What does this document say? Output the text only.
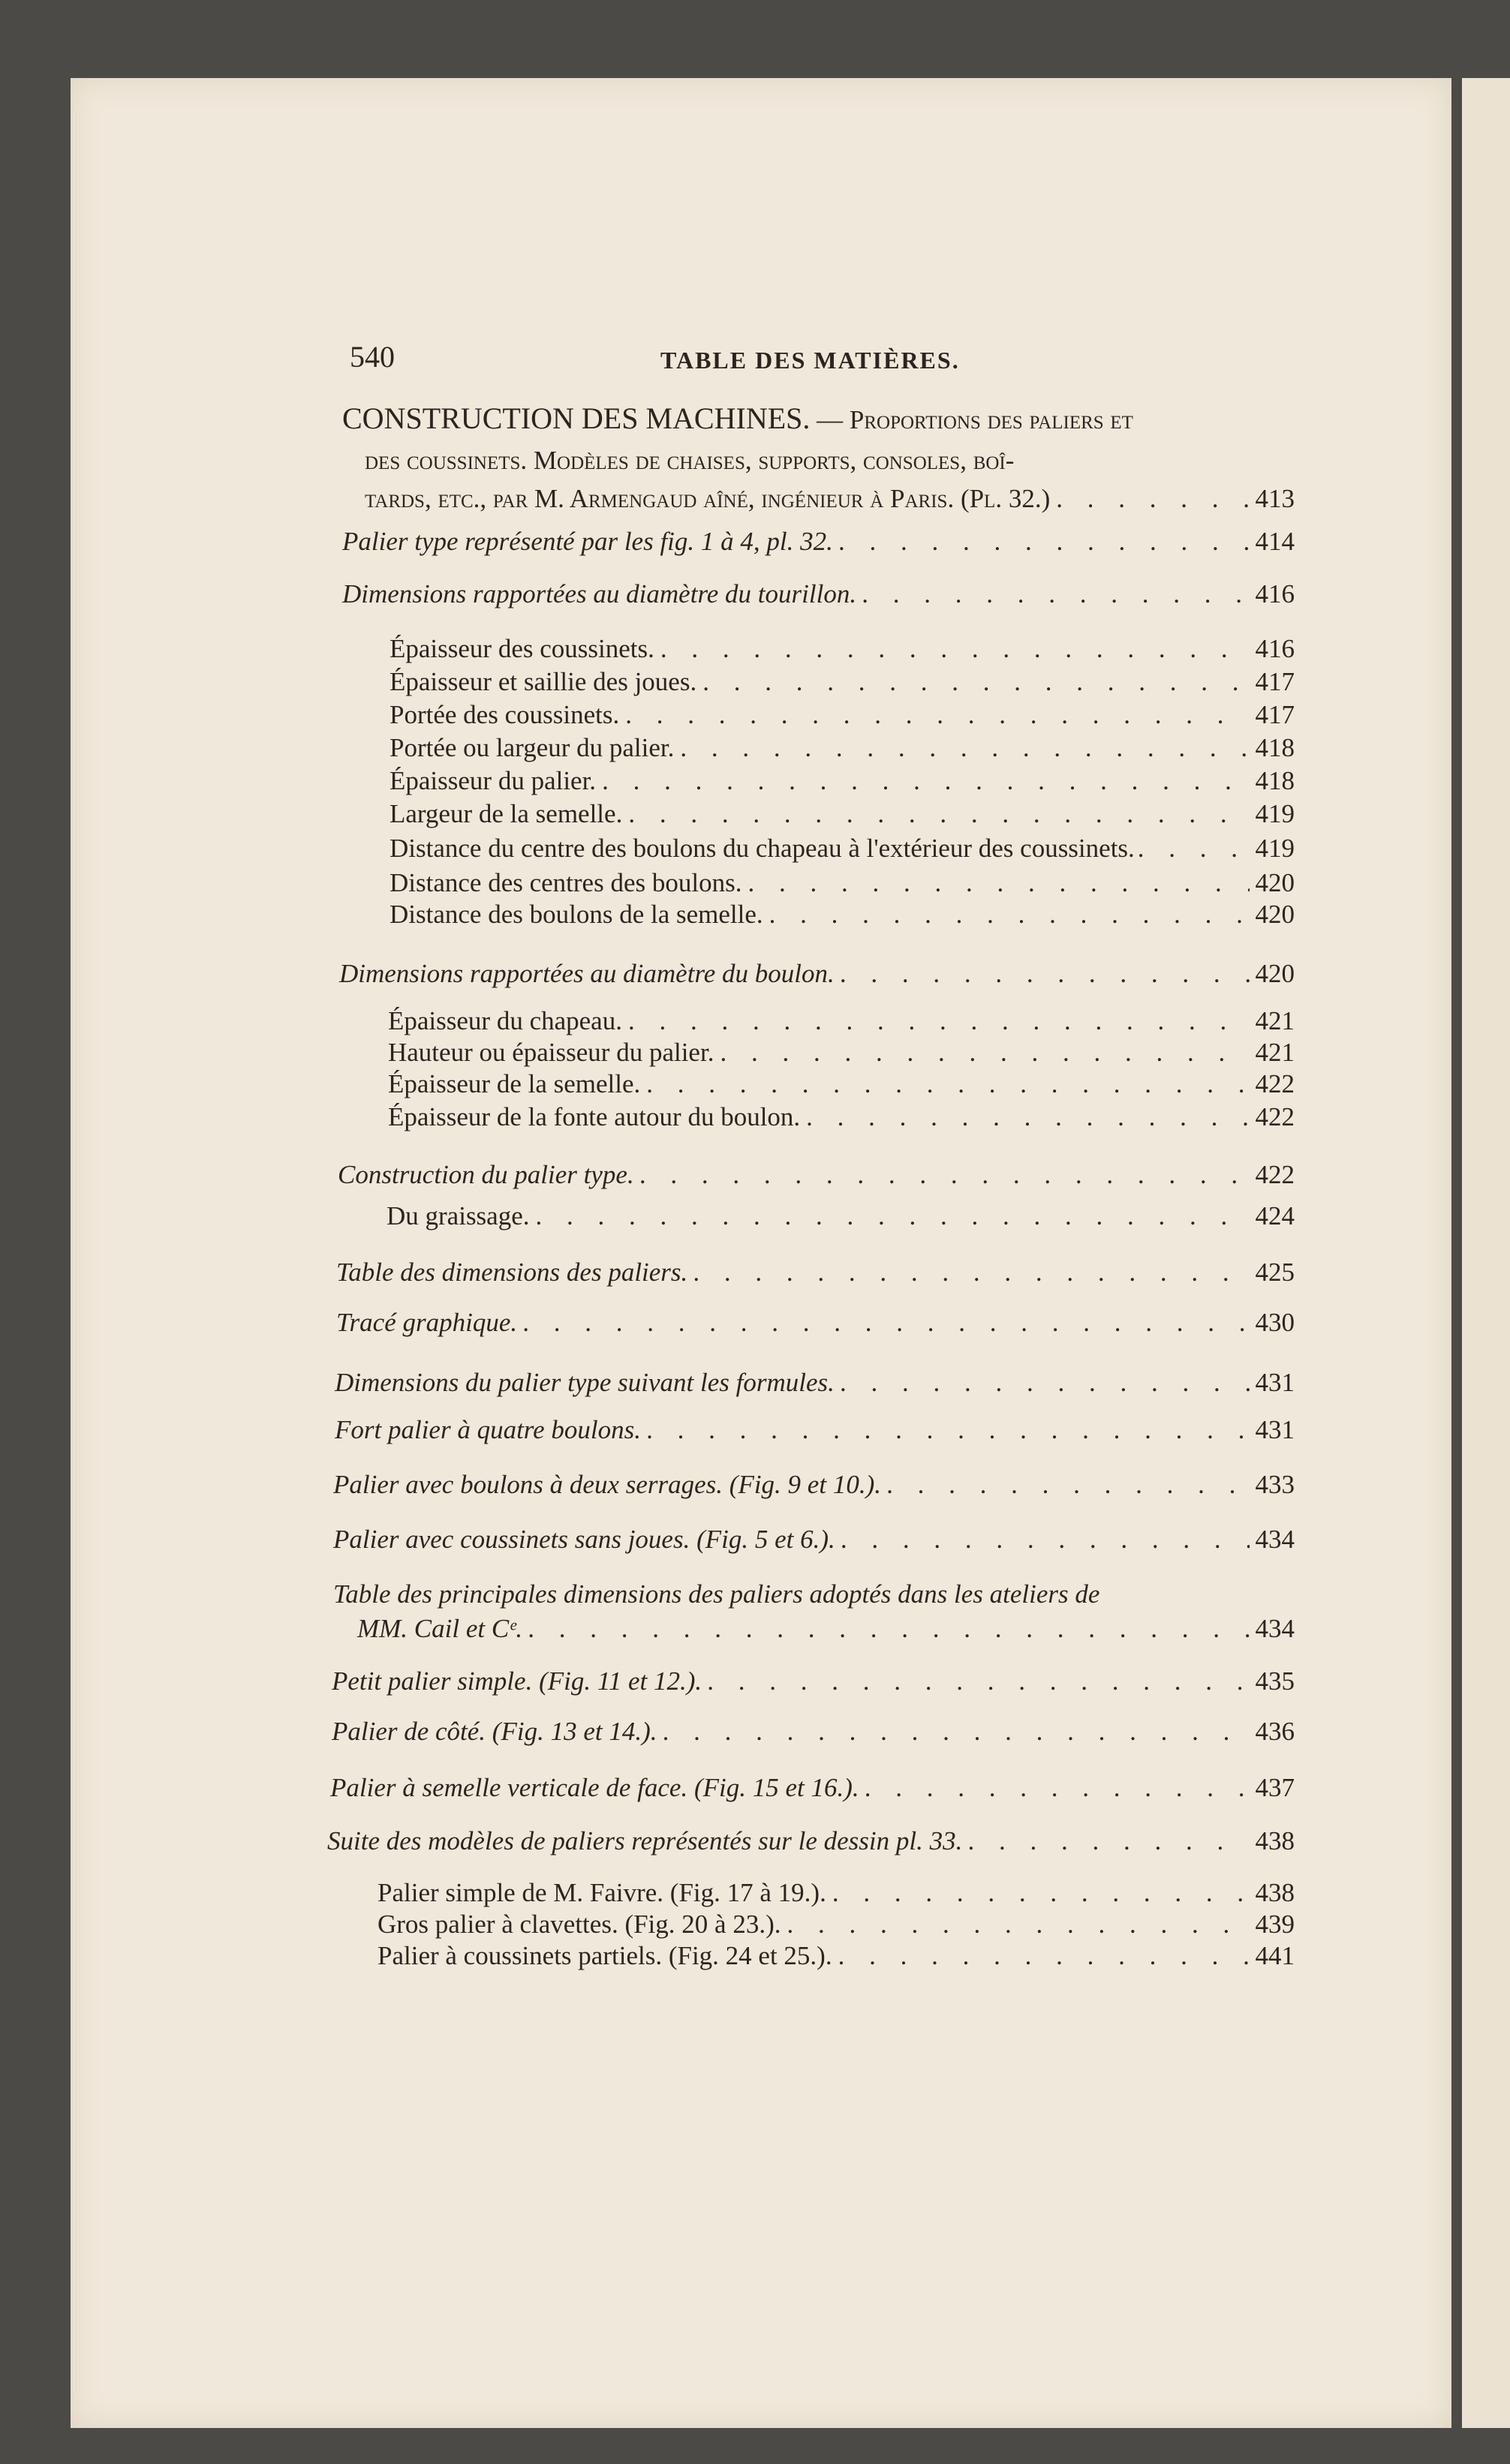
540	TABLE DES MATIÈRES.
CONSTRUCTION DES MACHINES. — Proportions des paliers et
des coussinets. Modèles de chaises, supports, consoles, boî-
tards, etc., par M. Armengaud aîné, ingénieur à Paris. (Pl. 32.) . . .	413
Palier type représenté par les fig. 1 à 4, pl. 32. . . .	414
Dimensions rapportées au diamètre du tourillon. . . .	416
Épaisseur des coussinets. . . .	416
Épaisseur et saillie des joues. . . .	417
Portée des coussinets. . . .	417
Portée ou largeur du palier. . . .	418
Épaisseur du palier. . . .	418
Largeur de la semelle. . . .	419
Distance du centre des boulons du chapeau à l'extérieur des coussinets. . . .	419
Distance des centres des boulons. . . .	420
Distance des boulons de la semelle. . . .	420
Dimensions rapportées au diamètre du boulon. . . .	420
Épaisseur du chapeau. . . .	421
Hauteur ou épaisseur du palier. . . .	421
Épaisseur de la semelle. . . .	422
Épaisseur de la fonte autour du boulon. . . .	422
Construction du palier type. . . .	422
Du graissage. . . .	424
Table des dimensions des paliers. . . .	425
Tracé graphique. . . .	430
Dimensions du palier type suivant les formules. . . .	431
Fort palier à quatre boulons. . . .	431
Palier avec boulons à deux serrages. (Fig. 9 et 10.). . . .	433
Palier avec coussinets sans joues. (Fig. 5 et 6.). . . .	434
Table des principales dimensions des paliers adoptés dans les ateliers de
MM. Cail et Cᵉ. . . .	434
Petit palier simple. (Fig. 11 et 12.). . . .	435
Palier de côté. (Fig. 13 et 14.). . . .	436
Palier à semelle verticale de face. (Fig. 15 et 16.). . . .	437
Suite des modèles de paliers représentés sur le dessin pl. 33. . . .	438
Palier simple de M. Faivre. (Fig. 17 à 19.). . . .	438
Gros palier à clavettes. (Fig. 20 à 23.). . . .	439
Palier à coussinets partiels. (Fig. 24 et 25.). . . .	441
